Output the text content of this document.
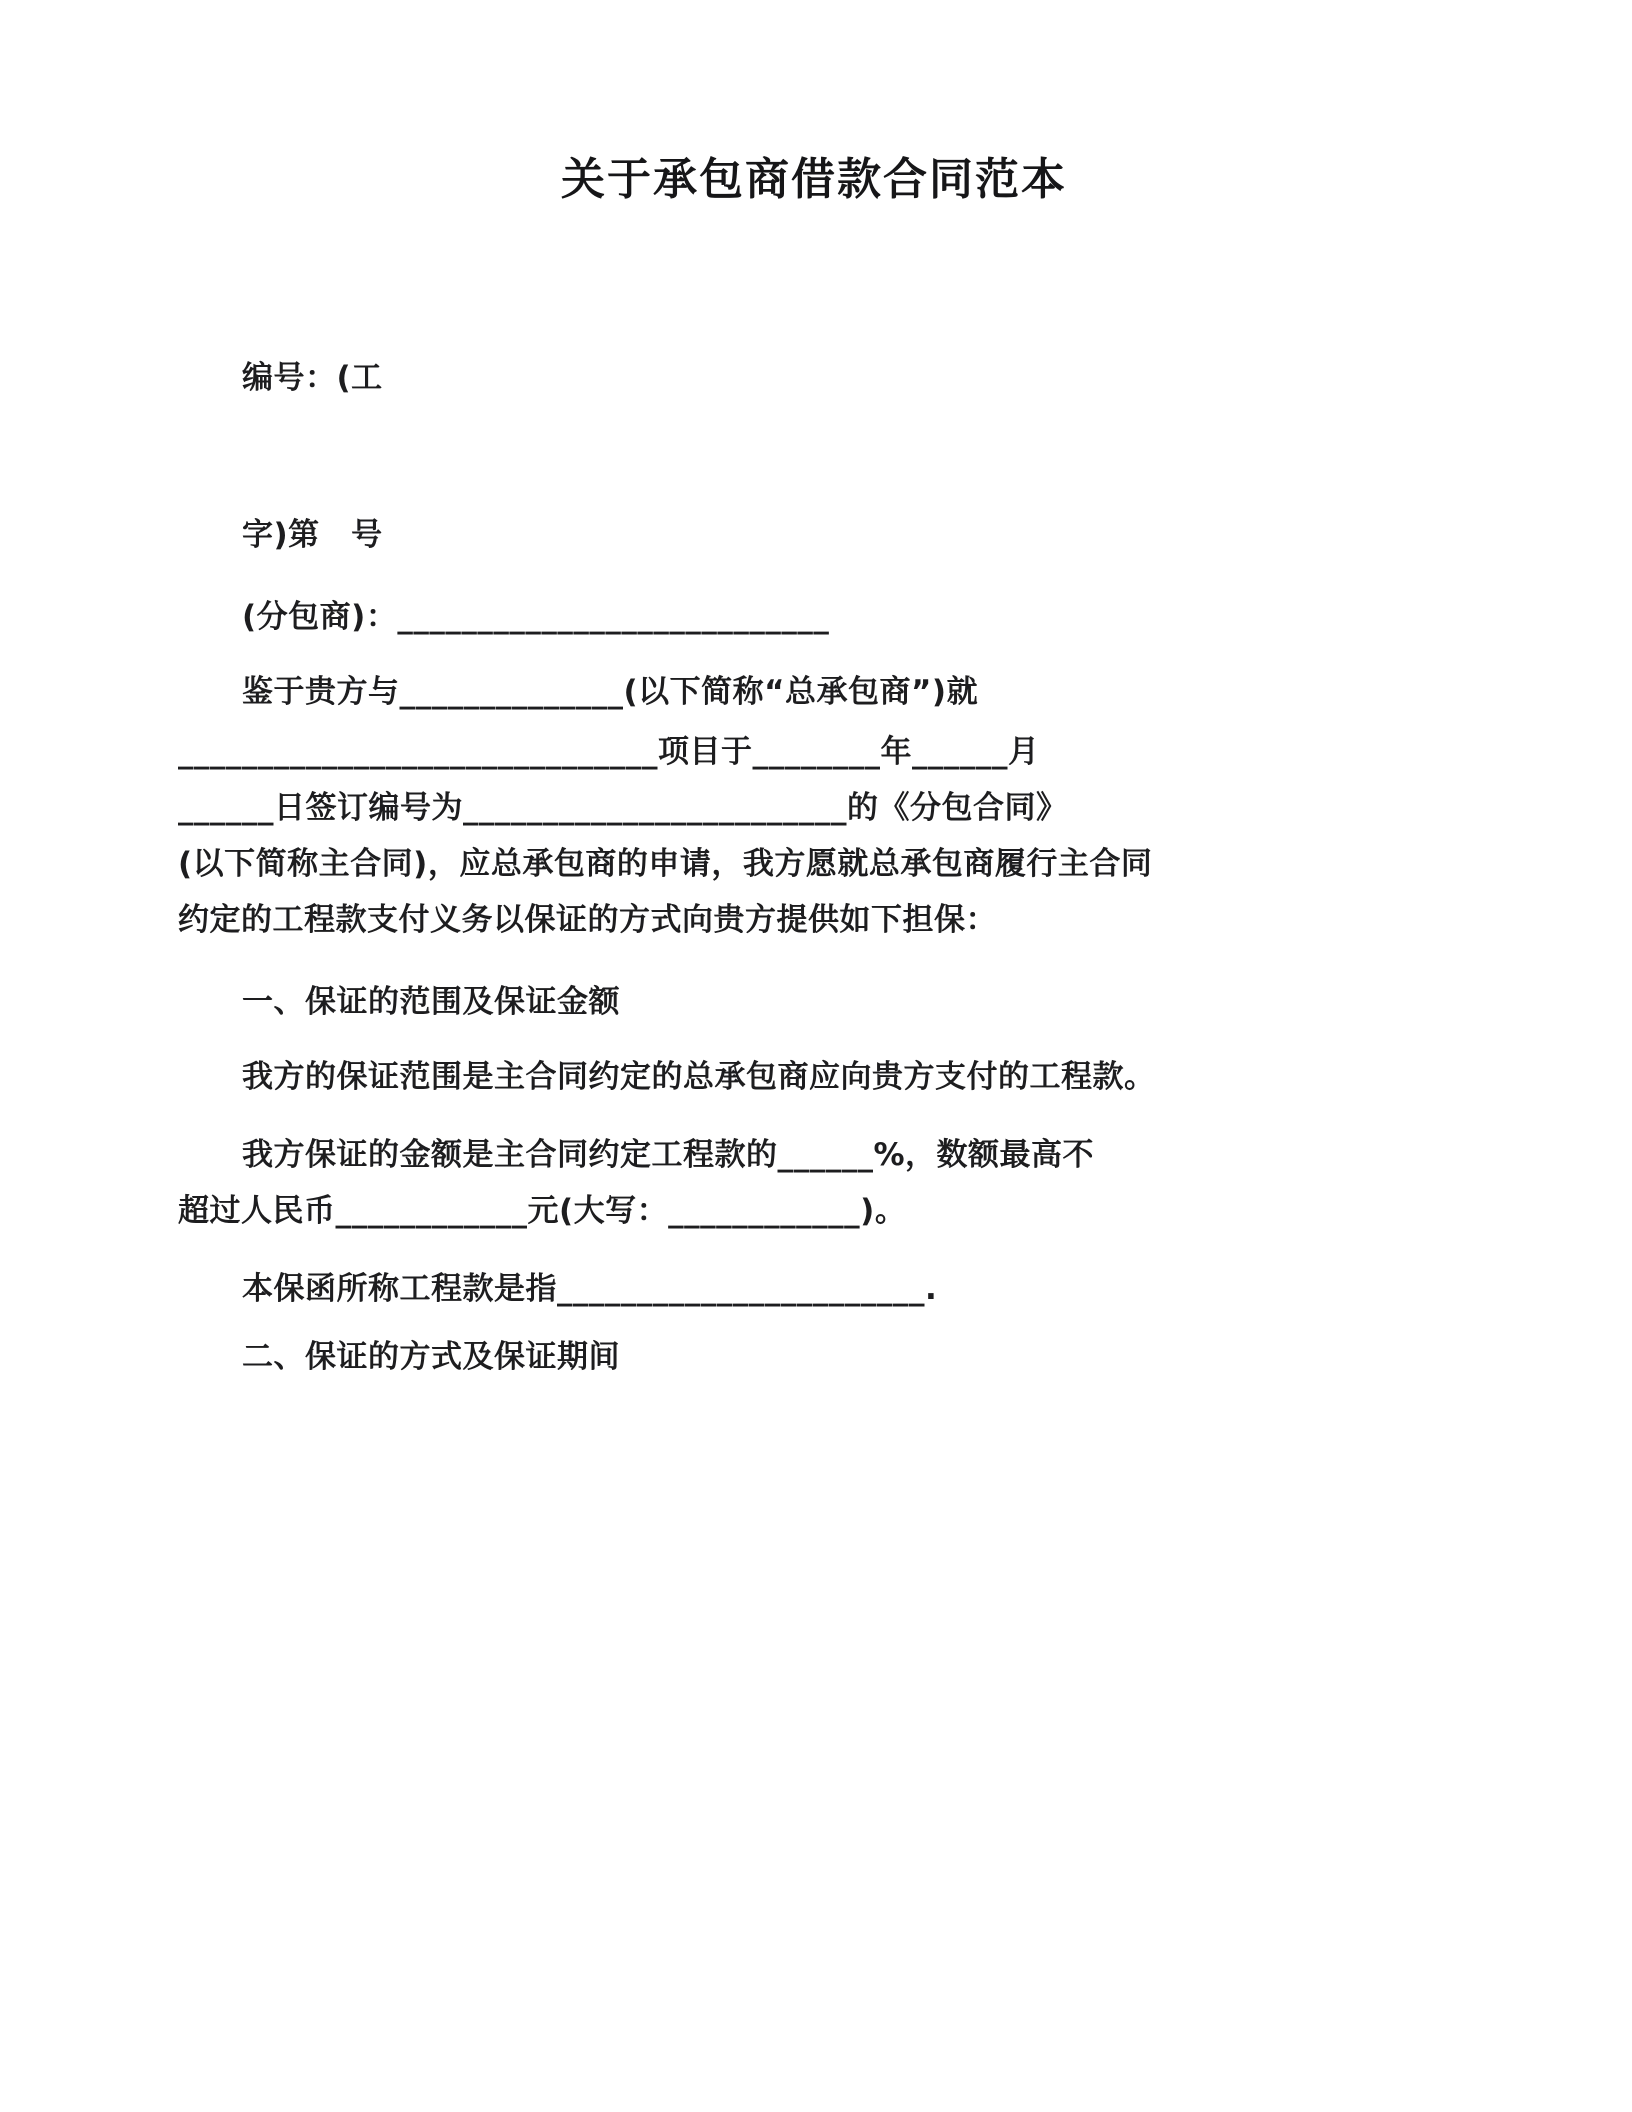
关于承包商借款合同范本

编号：(工

字)第　号

(分包商)：___________________________

鉴于贵方与______________(以下简称“总承包商”)就

______________________________项目于________年______月

______日签订编号为________________________的《分包合同》

(以下简称主合同)，应总承包商的申请，我方愿就总承包商履行主合同

约定的工程款支付义务以保证的方式向贵方提供如下担保：

一、保证的范围及保证金额

我方的保证范围是主合同约定的总承包商应向贵方支付的工程款。

我方保证的金额是主合同约定工程款的______%，数额最高不

超过人民币____________元(大写：____________)。

本保函所称工程款是指_______________________.

二、保证的方式及保证期间
